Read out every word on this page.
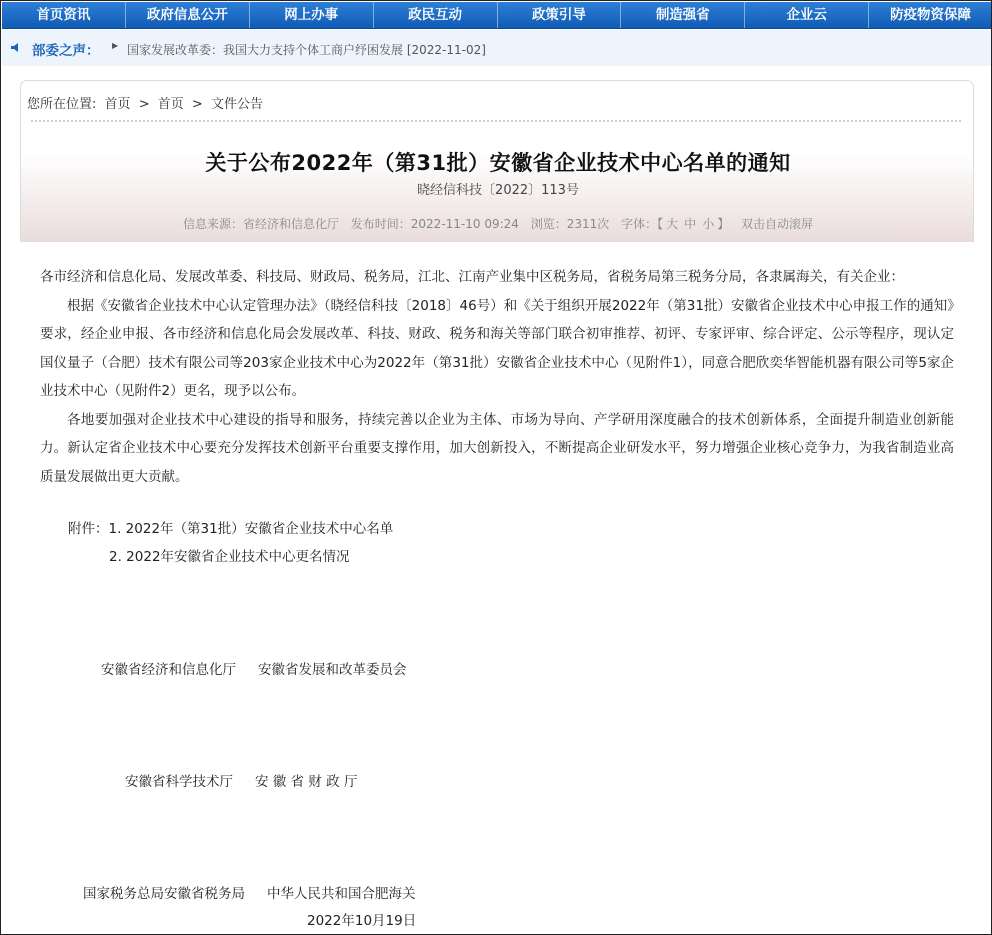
首页资讯	政府信息公开	网上办事	政民互动	政策引导	制造强省	企业云	防疫物资保障
部委之声： ▶ 国家发展改革委：我国大力支持个体工商户纾困发展 [2022-11-02]
您所在位置: 首页 > 首页 > 文件公告
关于公布2022年（第31批）安徽省企业技术中心名单的通知
晓经信科技〔2022〕113号
信息来源：省经济和信息化厅 发布时间：2022-11-10 09:24 浏览：2311次 字体：【 大 中 小 】 双击自动滚屏

各市经济和信息化局、发展改革委、科技局、财政局、税务局，江北、江南产业集中区税务局，省税务局第三税务分局，各隶属海关，有关企业：

根据《安徽省企业技术中心认定管理办法》（晓经信科技〔2018〕46号）和《关于组织开展2022年（第31批）安徽省企业技术中心申报工作的通知》要求，经企业申报、各市经济和信息化局会发展改革、科技、财政、税务和海关等部门联合初审推荐、初评、专家评审、综合评定、公示等程序，现认定国仪量子（合肥）技术有限公司等203家企业技术中心为2022年（第31批）安徽省企业技术中心（见附件1），同意合肥欣奕华智能机器有限公司等5家企业技术中心（见附件2）更名，现予以公布。

各地要加强对企业技术中心建设的指导和服务，持续完善以企业为主体、市场为导向、产学研用深度融合的技术创新体系，全面提升制造业创新能力。新认定省企业技术中心要充分发挥技术创新平台重要支撑作用，加大创新投入，不断提高企业研发水平，努力增强企业核心竞争力，为我省制造业高质量发展做出更大贡献。

附件：1. 2022年（第31批）安徽省企业技术中心名单
2. 2022年安徽省企业技术中心更名情况
安徽省经济和信息化厅 安徽省发展和改革委员会
安徽省科学技术厅 安 徽 省 财 政 厅
国家税务总局安徽省税务局 中华人民共和国合肥海关
2022年10月19日
